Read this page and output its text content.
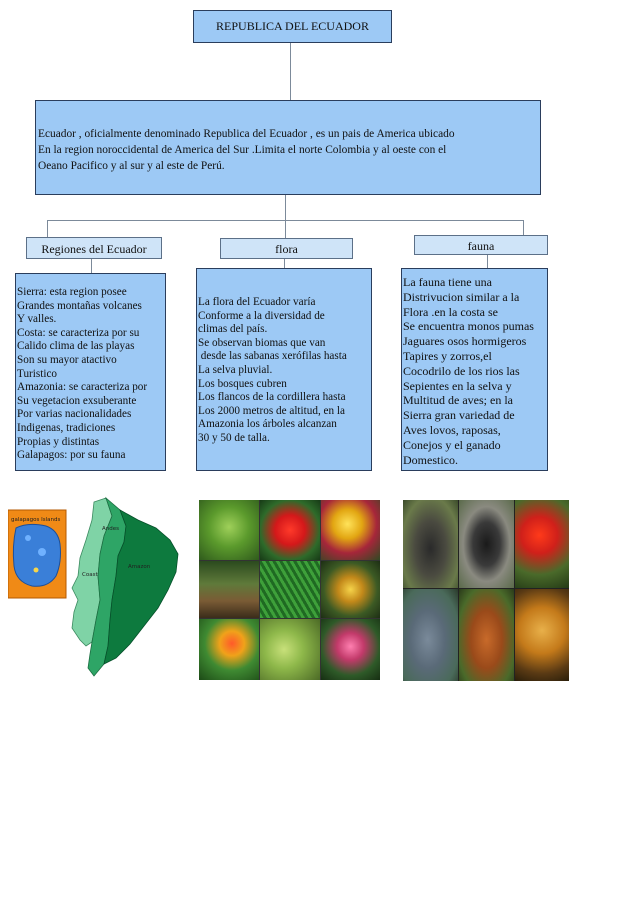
REPUBLICA DEL ECUADOR
Ecuador , oficialmente denominado Republica del Ecuador , es un pais de America ubicado
En la region noroccidental de America del Sur .Limita el norte Colombia y al oeste con el
Oeano Pacifico y al sur y al este de Perú.
Regiones del Ecuador	flora	fauna
Sierra: esta region posee
Grandes montañas volcanes
Y valles.
Costa: se caracteriza por su
Calido clima de las playas
Son su mayor atactivo
Turistico
Amazonia: se caracteriza por
Su vegetacion exsuberante
Por varias nacionalidades
Indigenas, tradiciones
Propias y distintas
Galapagos: por su fauna
La flora del Ecuador varía
Conforme a la diversidad de
climas del país.
Se observan biomas que van
desde las sabanas xerófilas hasta
La selva pluvial.
Los bosques cubren
Los flancos de la cordillera hasta
Los 2000 metros de altitud, en la
Amazonia los árboles alcanzan
30 y 50 de talla.
La fauna tiene una
Distrivucion similar a la
Flora .en la costa se
Se encuentra monos pumas
Jaguares osos hormigeros
Tapires y zorros,el
Cocodrilo de los rios las
Sepientes en la selva y
Multitud de aves; en la
Sierra gran variedad de
Aves lovos, raposas,
Conejos y el ganado
Domestico.
galapagos Islands
Andes
Coast
Amazon
